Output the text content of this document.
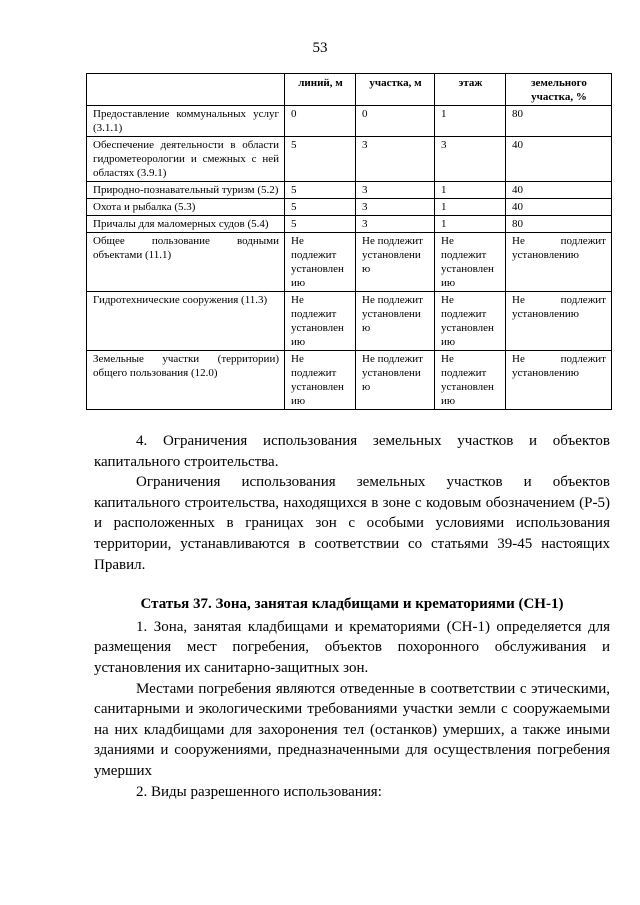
53
	линий, м	участка, м	этаж	земельного участка, %
Предоставление коммунальных услуг (3.1.1)	0	0	1	80
Обеспечение деятельности в области гидрометеорологии и смежных с ней областях (3.9.1)	5	3	3	40
Природно-познавательный туризм (5.2)	5	3	1	40
Охота и рыбалка (5.3)	5	3	1	40
Причалы для маломерных судов (5.4)	5	3	1	80
Общее пользование водными объектами (11.1)	Не подлежит установлен ию	Не подлежит установлени ю	Не подлежит установлен ию	Не подлежит установлению
Гидротехнические сооружения (11.3)	Не подлежит установлен ию	Не подлежит установлени ю	Не подлежит установлен ию	Не подлежит установлению
Земельные участки (территории) общего пользования (12.0)	Не подлежит установлен ию	Не подлежит установлени ю	Не подлежит установлен ию	Не подлежит установлению

4. Ограничения использования земельных участков и объектов капитального строительства.

Ограничения использования земельных участков и объектов капитального строительства, находящихся в зоне с кодовым обозначением (Р-5) и расположенных в границах зон с особыми условиями использования территории, устанавливаются в соответствии со статьями 39-45 настоящих Правил.

Статья 37. Зона, занятая кладбищами и крематориями (СН-1)

1. Зона, занятая кладбищами и крематориями (СН-1) определяется для размещения мест погребения, объектов похоронного обслуживания и установления их санитарно-защитных зон.

Местами погребения являются отведенные в соответствии с этическими, санитарными и экологическими требованиями участки земли с сооружаемыми на них кладбищами для захоронения тел (останков) умерших, а также иными зданиями и сооружениями, предназначенными для осуществления погребения умерших

2. Виды разрешенного использования:
